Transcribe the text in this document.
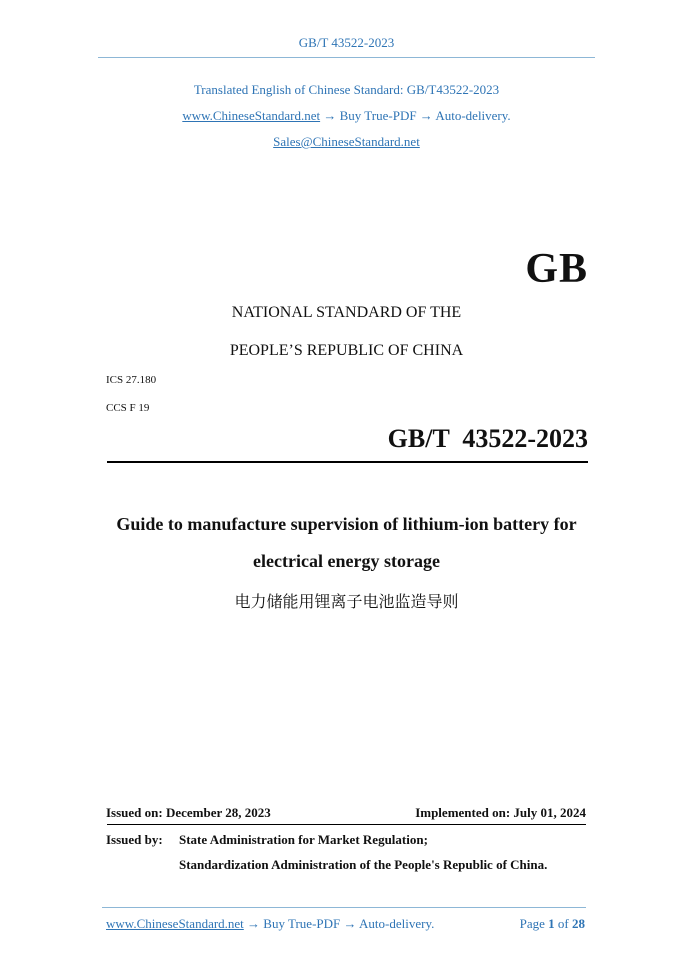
GB/T 43522-2023
Translated English of Chinese Standard: GB/T43522-2023
www.ChineseStandard.net → Buy True-PDF → Auto-delivery.
Sales@ChineseStandard.net
GB
NATIONAL STANDARD OF THE
PEOPLE’S REPUBLIC OF CHINA
ICS 27.180
CCS F 19
GB/T  43522-2023
Guide to manufacture supervision of lithium-ion battery for
electrical energy storage
电力储能用锂离子电池监造导则
Issued on: December 28, 2023	Implemented on: July 01, 2024
Issued by: State Administration for Market Regulation;
Standardization Administration of the People's Republic of China.
www.ChineseStandard.net → Buy True-PDF → Auto-delivery.	Page 1 of 28
